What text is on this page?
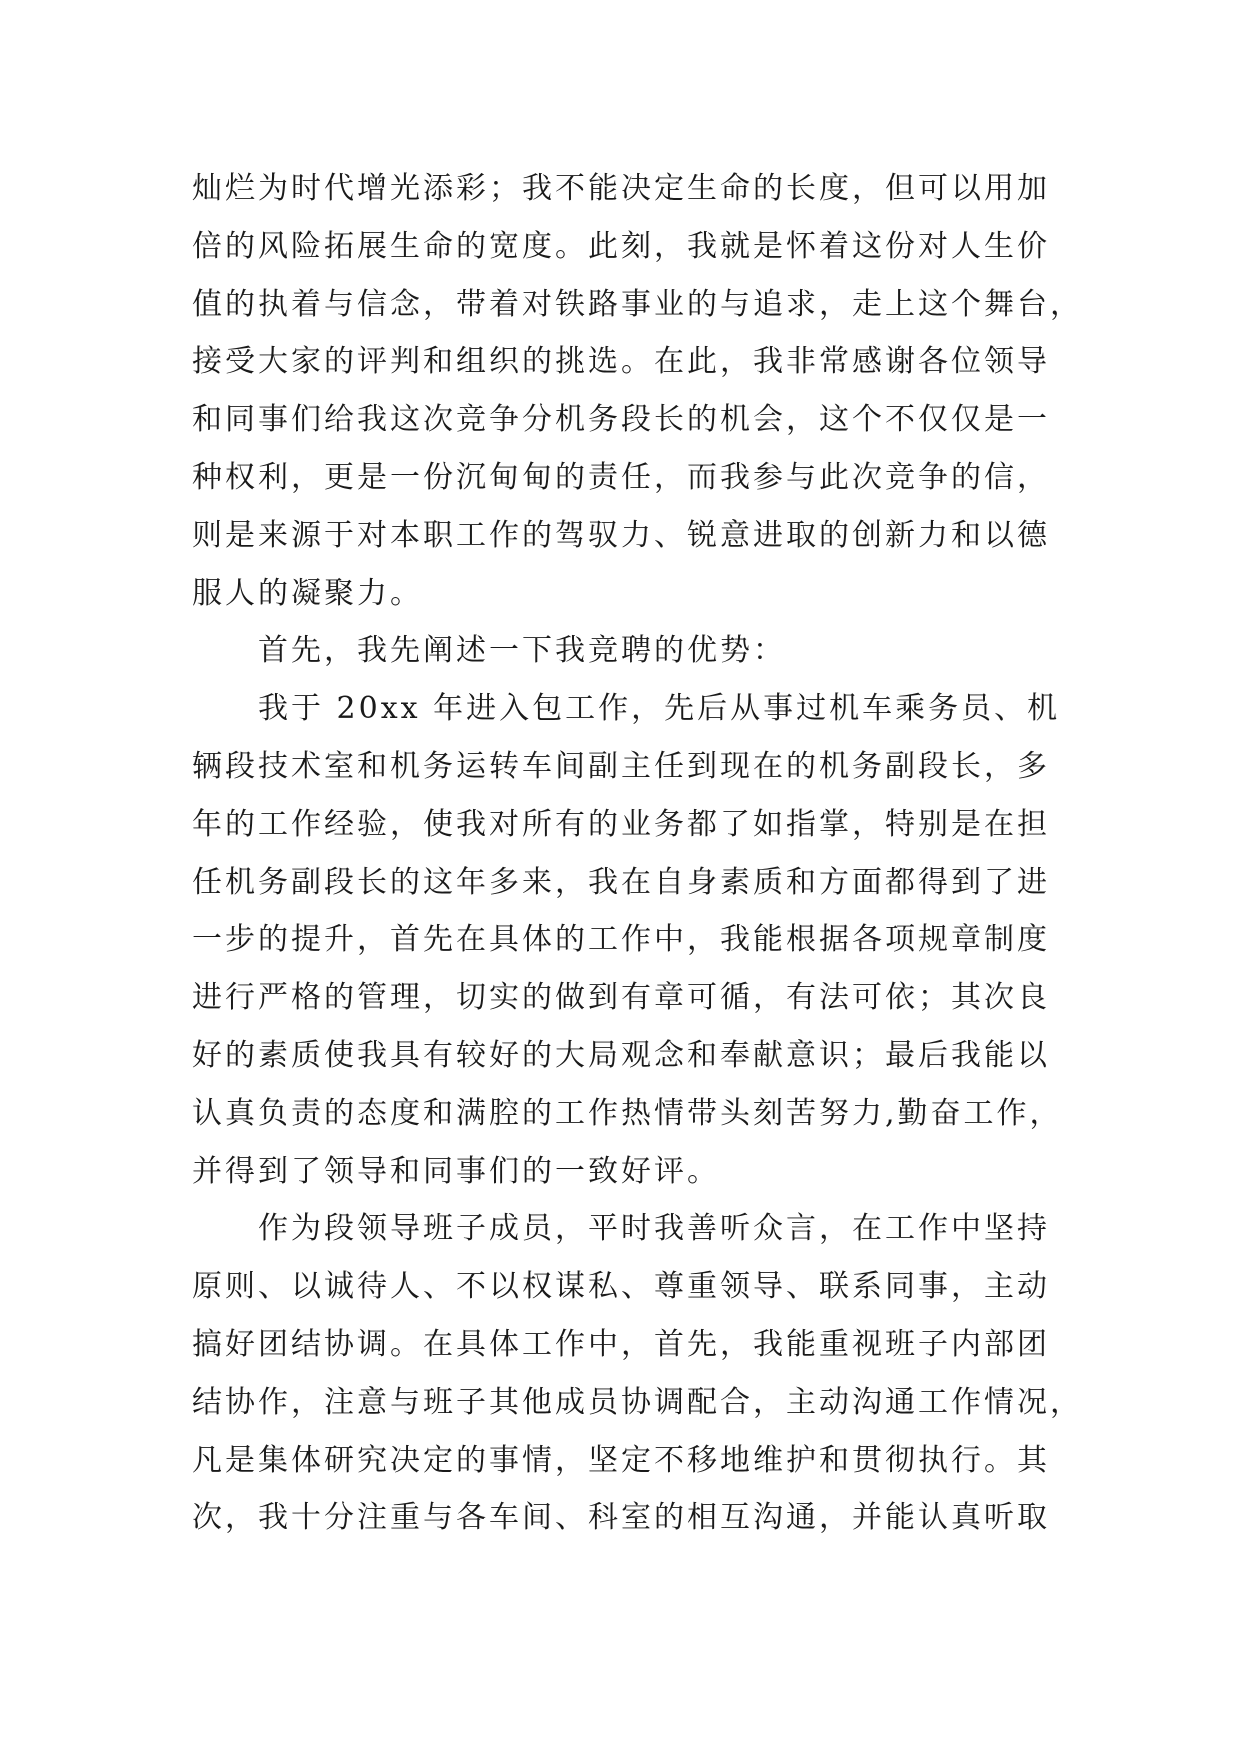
灿烂为时代增光添彩；我不能决定生命的长度，但可以用加
倍的风险拓展生命的宽度。此刻，我就是怀着这份对人生价
值的执着与信念，带着对铁路事业的与追求，走上这个舞台，
接受大家的评判和组织的挑选。在此，我非常感谢各位领导
和同事们给我这次竞争分机务段长的机会，这个不仅仅是一
种权利，更是一份沉甸甸的责任，而我参与此次竞争的信，
则是来源于对本职工作的驾驭力、锐意进取的创新力和以德
服人的凝聚力。
首先，我先阐述一下我竞聘的优势：
我于 20xx 年进入包工作，先后从事过机车乘务员、机
辆段技术室和机务运转车间副主任到现在的机务副段长，多
年的工作经验，使我对所有的业务都了如指掌，特别是在担
任机务副段长的这年多来，我在自身素质和方面都得到了进
一步的提升，首先在具体的工作中，我能根据各项规章制度
进行严格的管理，切实的做到有章可循，有法可依；其次良
好的素质使我具有较好的大局观念和奉献意识；最后我能以
认真负责的态度和满腔的工作热情带头刻苦努力,勤奋工作，
并得到了领导和同事们的一致好评。
作为段领导班子成员，平时我善听众言，在工作中坚持
原则、以诚待人、不以权谋私、尊重领导、联系同事，主动
搞好团结协调。在具体工作中，首先，我能重视班子内部团
结协作，注意与班子其他成员协调配合，主动沟通工作情况，
凡是集体研究决定的事情，坚定不移地维护和贯彻执行。其
次，我十分注重与各车间、科室的相互沟通，并能认真听取
